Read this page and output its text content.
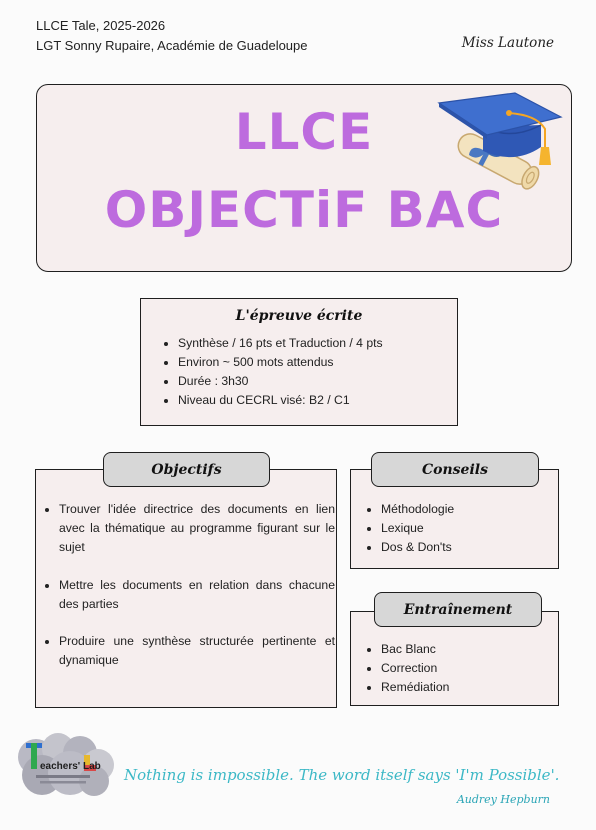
LLCE Tale, 2025-2026
LGT Sonny Rupaire, Académie de Guadeloupe	Miss Lautone
LLCE
OBJECTiF BAC
L'épreuve écrite
Synthèse / 16 pts et Traduction / 4 pts
Environ ~ 500 mots attendus
Durée : 3h30
Niveau du CECRL visé: B2 / C1
Trouver l'idée directrice des documents en lien avec la thématique au programme figurant sur le sujet
Mettre les documents en relation dans chacune des parties
Produire une synthèse structurée pertinente et dynamique
Objectifs
Méthodologie
Lexique
Dos & Don'ts
Conseils
Bac Blanc
Correction
Remédiation
Entraînement
eachers' Lab Nothing is impossible. The word itself says 'I'm Possible'.
Audrey Hepburn
